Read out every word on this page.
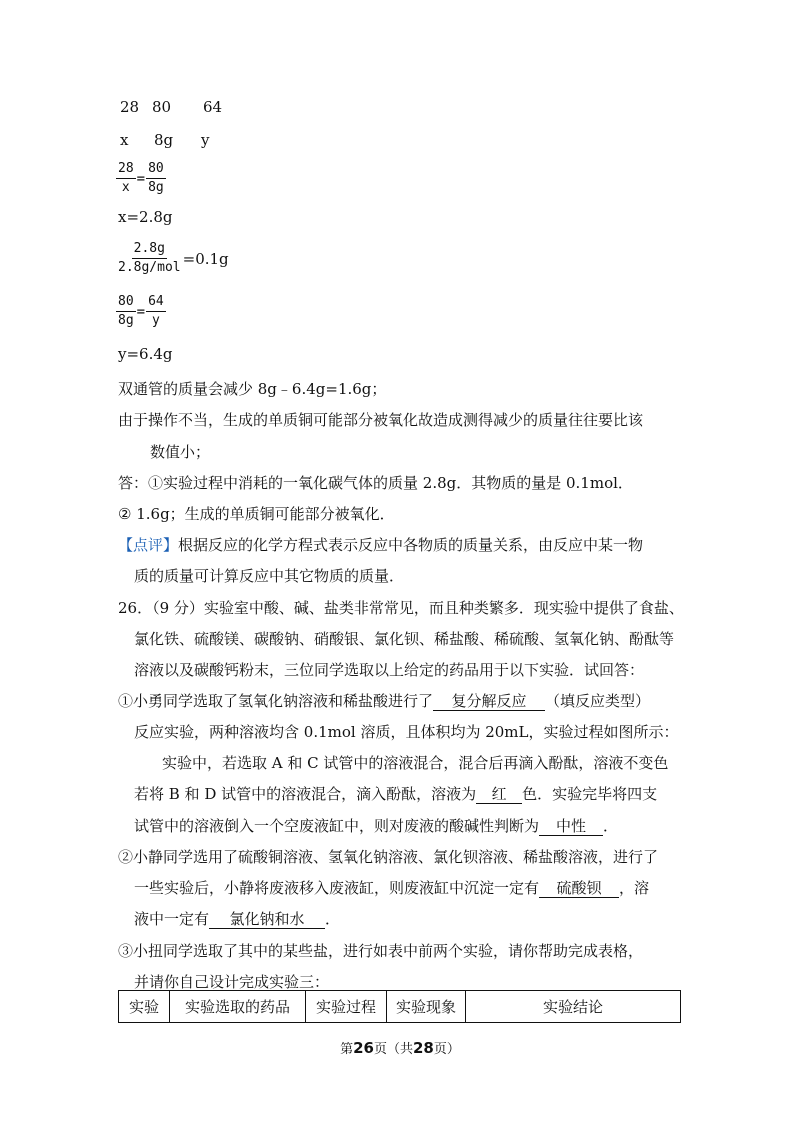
28 80 64
x 8g y
$\frac{28}{x} = \frac{80}{8g}$
x=2.8g
$\frac{2.8g}{\text{2.8g/mol}} =0.1g$
$\frac{80}{8g} = \frac{64}{y}$
y=6.4g
双通管的质量会减少 8g﹣6.4g=1.6g；
由于操作不当，生成的单质铜可能部分被氧化故造成测得减少的质量往往要比该
数值小；
答：①实验过程中消耗的一氧化碳气体的质量 2.8g．其物质的量是 0.1mol．
② 1.6g；生成的单质铜可能部分被氧化．
【点评】根据反应的化学方程式表示反应中各物质的质量关系，由反应中某一物
质的质量可计算反应中其它物质的质量．
26．（9 分）实验室中酸、碱、盐类非常常见，而且种类繁多．现实验中提供了食盐、
氯化铁、硫酸镁、碳酸钠、硝酸银、氯化钡、稀盐酸、稀硫酸、氢氧化钠、酚酞等
溶液以及碳酸钙粉末，三位同学选取以上给定的药品用于以下实验．试回答：
①小勇同学选取了氢氧化钠溶液和稀盐酸进行了 复分解反应 （填反应类型）
反应实验，两种溶液均含 0.1mol 溶质，且体积均为 20mL，实验过程如图所示：
实验中，若选取 A 和 C 试管中的溶液混合，混合后再滴入酚酞，溶液不变色
若将 B 和 D 试管中的溶液混合，滴入酚酞，溶液为 红 色．实验完毕将四支
试管中的溶液倒入一个空废液缸中，则对废液的酸碱性判断为 中性 ．
②小静同学选用了硫酸铜溶液、氢氧化钠溶液、氯化钡溶液、稀盐酸溶液，进行了
一些实验后，小静将废液移入废液缸，则废液缸中沉淀一定有 硫酸钡 ，溶
液中一定有 氯化钠和水 ．
③小扭同学选取了其中的某些盐，进行如表中前两个实验，请你帮助完成表格，
并请你自己设计完成实验三：
实验	实验选取的药品	实验过程	实验现象	实验结论
第26页（共28页）
